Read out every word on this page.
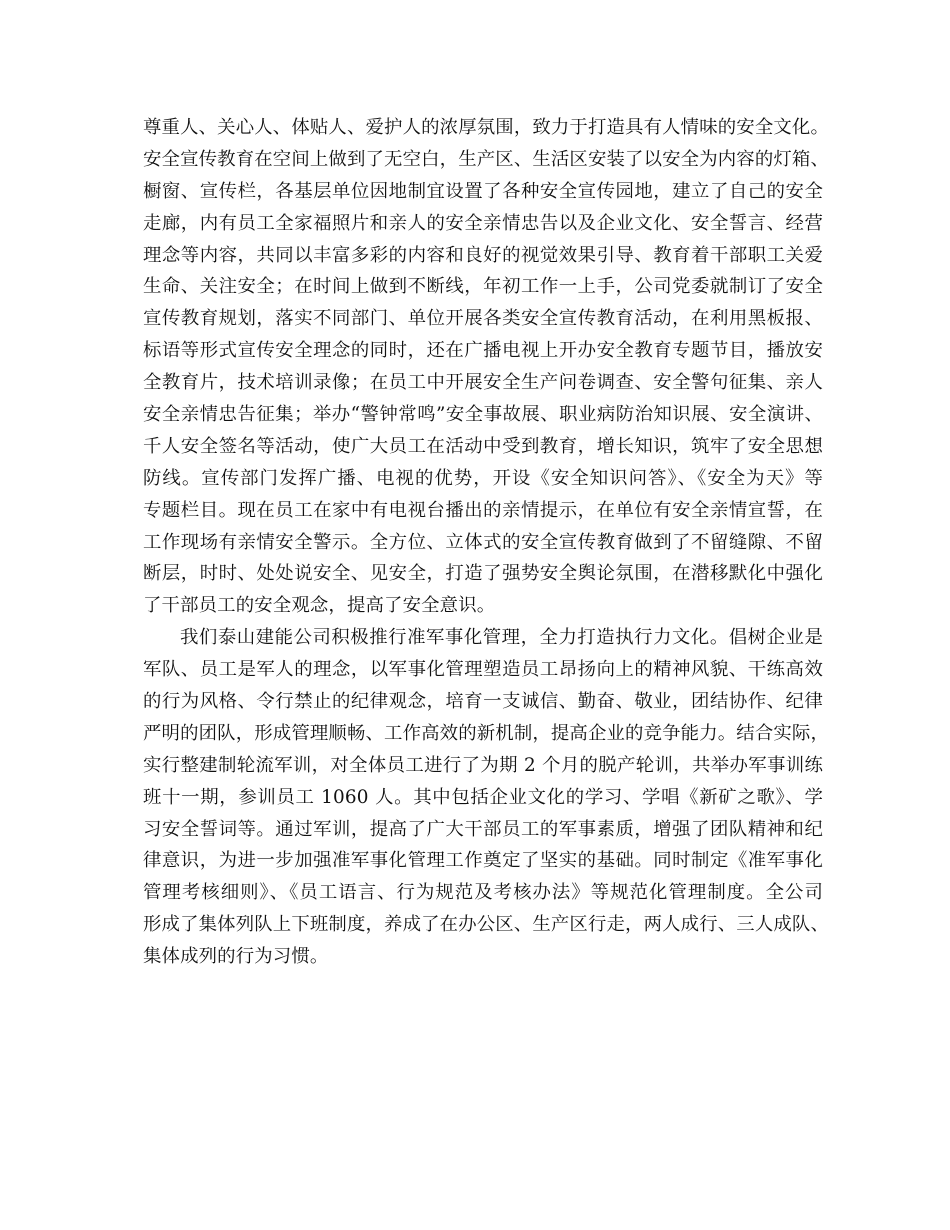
尊重人、关心人、体贴人、爱护人的浓厚氛围，致力于打造具有人情味的安全文化。
安全宣传教育在空间上做到了无空白，生产区、生活区安装了以安全为内容的灯箱、
橱窗、宣传栏，各基层单位因地制宜设置了各种安全宣传园地，建立了自己的安全
走廊，内有员工全家福照片和亲人的安全亲情忠告以及企业文化、安全誓言、经营
理念等内容，共同以丰富多彩的内容和良好的视觉效果引导、教育着干部职工关爱
生命、关注安全；在时间上做到不断线，年初工作一上手，公司党委就制订了安全
宣传教育规划，落实不同部门、单位开展各类安全宣传教育活动，在利用黑板报、
标语等形式宣传安全理念的同时，还在广播电视上开办安全教育专题节目，播放安
全教育片，技术培训录像；在员工中开展安全生产问卷调查、安全警句征集、亲人
安全亲情忠告征集；举办“警钟常鸣”安全事故展、职业病防治知识展、安全演讲、
千人安全签名等活动，使广大员工在活动中受到教育，增长知识，筑牢了安全思想
防线。宣传部门发挥广播、电视的优势，开设《安全知识问答》、《安全为天》等
专题栏目。现在员工在家中有电视台播出的亲情提示，在单位有安全亲情宣誓，在
工作现场有亲情安全警示。全方位、立体式的安全宣传教育做到了不留缝隙、不留
断层，时时、处处说安全、见安全，打造了强势安全舆论氛围，在潜移默化中强化
了干部员工的安全观念，提高了安全意识。
我们泰山建能公司积极推行准军事化管理，全力打造执行力文化。倡树企业是
军队、员工是军人的理念，以军事化管理塑造员工昂扬向上的精神风貌、干练高效
的行为风格、令行禁止的纪律观念，培育一支诚信、勤奋、敬业，团结协作、纪律
严明的团队，形成管理顺畅、工作高效的新机制，提高企业的竞争能力。结合实际，
实行整建制轮流军训，对全体员工进行了为期 2 个月的脱产轮训，共举办军事训练
班十一期，参训员工 1060 人。其中包括企业文化的学习、学唱《新矿之歌》、学
习安全誓词等。通过军训，提高了广大干部员工的军事素质，增强了团队精神和纪
律意识，为进一步加强准军事化管理工作奠定了坚实的基础。同时制定《准军事化
管理考核细则》、《员工语言、行为规范及考核办法》等规范化管理制度。全公司
形成了集体列队上下班制度，养成了在办公区、生产区行走，两人成行、三人成队、
集体成列的行为习惯。
